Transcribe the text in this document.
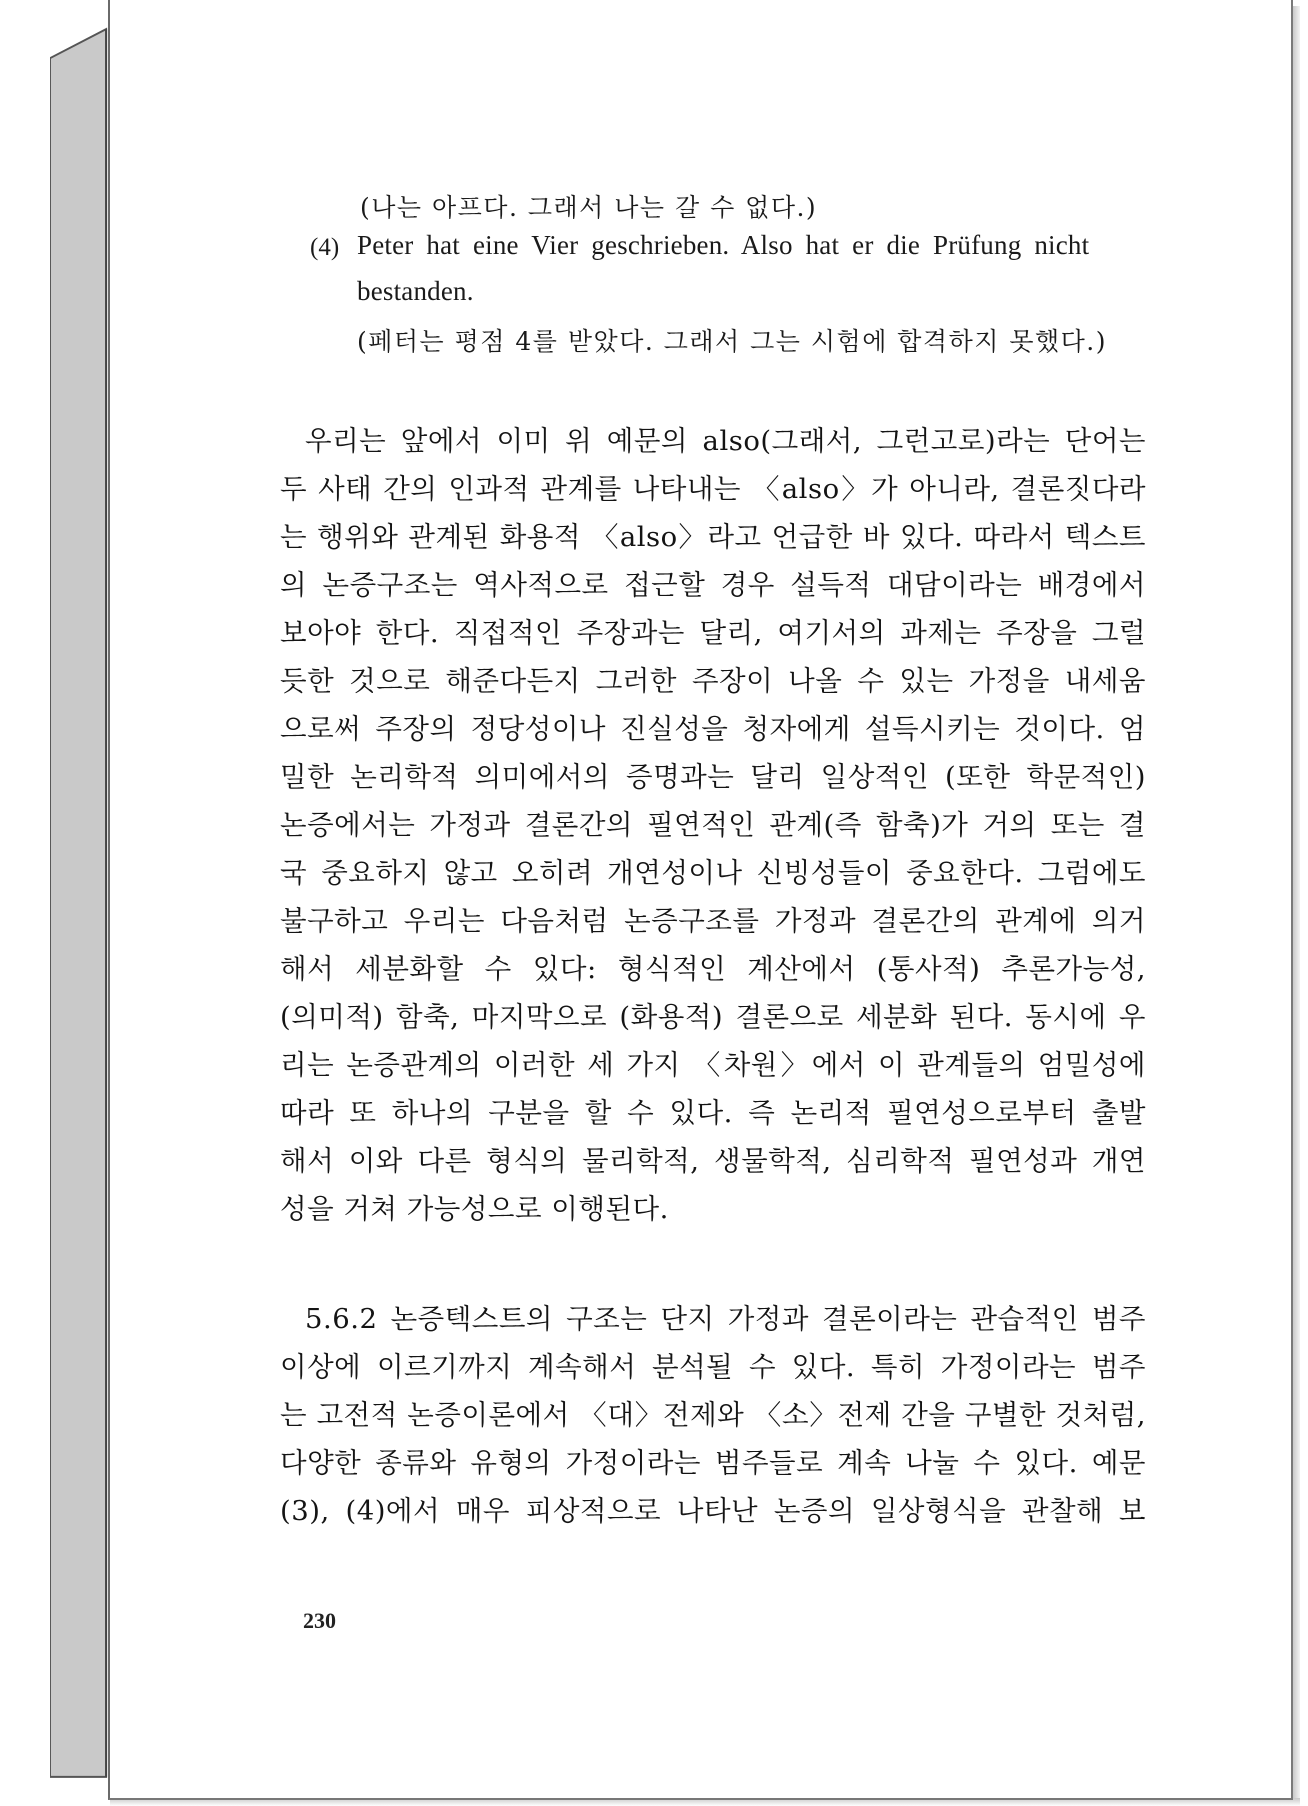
(나는 아프다. 그래서 나는 갈 수 없다.)
(4) Peter hat eine Vier geschrieben. Also hat er die Prüfung nicht
bestanden.
(페터는 평점 4를 받았다. 그래서 그는 시험에 합격하지 못했다.)
우리는 앞에서 이미 위 예문의 also(그래서, 그런고로)라는 단어는
두 사태 간의 인과적 관계를 나타내는 〈also〉가 아니라, 결론짓다라
는 행위와 관계된 화용적 〈also〉라고 언급한 바 있다. 따라서 텍스트
의 논증구조는 역사적으로 접근할 경우 설득적 대담이라는 배경에서
보아야 한다. 직접적인 주장과는 달리, 여기서의 과제는 주장을 그럴
듯한 것으로 해준다든지 그러한 주장이 나올 수 있는 가정을 내세움
으로써 주장의 정당성이나 진실성을 청자에게 설득시키는 것이다. 엄
밀한 논리학적 의미에서의 증명과는 달리 일상적인 (또한 학문적인)
논증에서는 가정과 결론간의 필연적인 관계(즉 함축)가 거의 또는 결
국 중요하지 않고 오히려 개연성이나 신빙성들이 중요한다. 그럼에도
불구하고 우리는 다음처럼 논증구조를 가정과 결론간의 관계에 의거
해서 세분화할 수 있다: 형식적인 계산에서 (통사적) 추론가능성,
(의미적) 함축, 마지막으로 (화용적) 결론으로 세분화 된다. 동시에 우
리는 논증관계의 이러한 세 가지 〈차원〉에서 이 관계들의 엄밀성에
따라 또 하나의 구분을 할 수 있다. 즉 논리적 필연성으로부터 출발
해서 이와 다른 형식의 물리학적, 생물학적, 심리학적 필연성과 개연
성을 거쳐 가능성으로 이행된다.
5.6.2 논증텍스트의 구조는 단지 가정과 결론이라는 관습적인 범주
이상에 이르기까지 계속해서 분석될 수 있다. 특히 가정이라는 범주
는 고전적 논증이론에서 〈대〉전제와 〈소〉전제 간을 구별한 것처럼,
다양한 종류와 유형의 가정이라는 범주들로 계속 나눌 수 있다. 예문
(3), (4)에서 매우 피상적으로 나타난 논증의 일상형식을 관찰해 보
230
